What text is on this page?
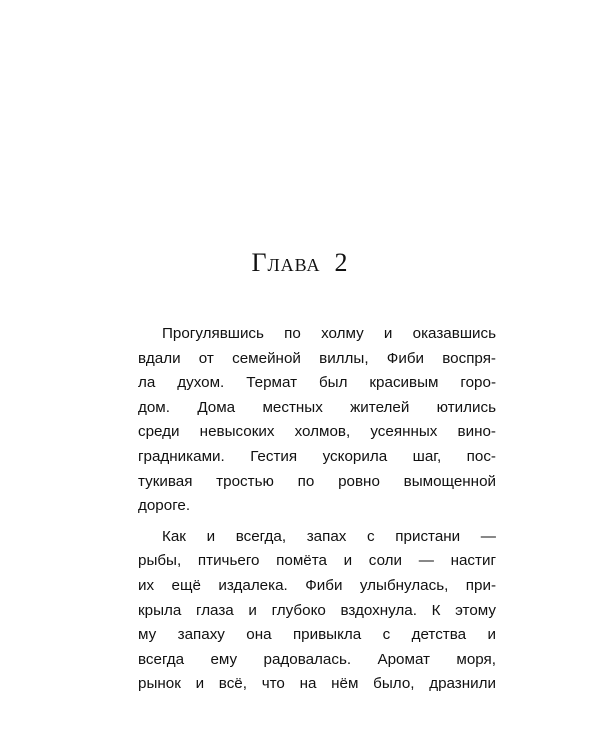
Глава 2
Прогулявшись по холму и оказавшись
вдали от семейной виллы, Фиби воспря-
ла духом. Термат был красивым горо-
дом. Дома местных жителей ютились
среди невысоких холмов, усеянных вино-
градниками. Гестия ускорила шаг, пос-
тукивая тростью по ровно вымощенной
дороге.
Как и всегда, запах с пристани —
рыбы, птичьего помёта и соли — настиг
их ещё издалека. Фиби улыбнулась, при-
крыла глаза и глубоко вздохнула. К этому
му запаху она привыкла с детства и
всегда ему радовалась. Аромат моря,
рынок и всё, что на нём было, дразнили
